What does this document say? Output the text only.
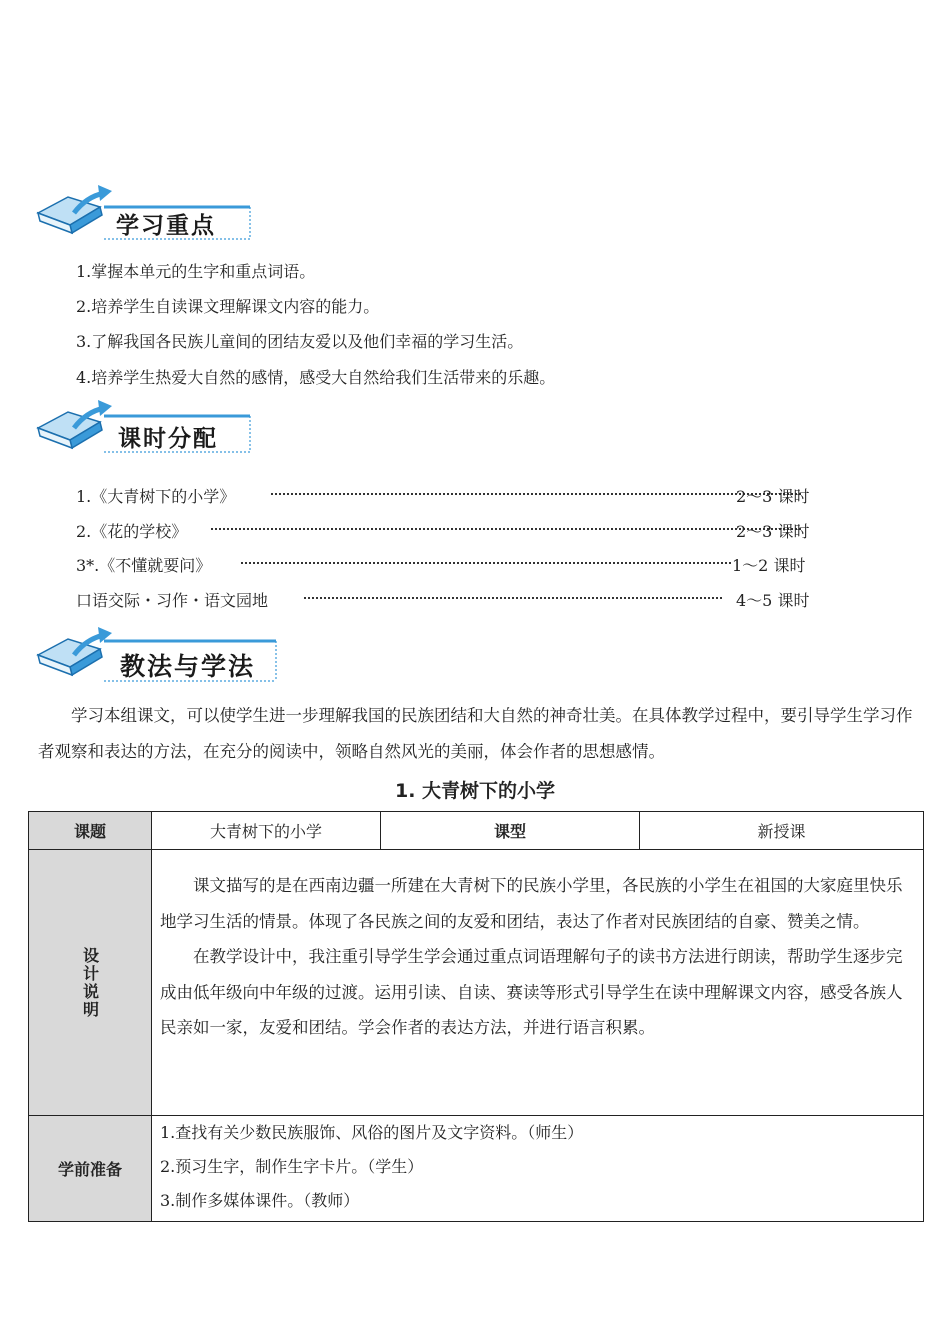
学习重点
1.掌握本单元的生字和重点词语。
2.培养学生自读课文理解课文内容的能力。
3.了解我国各民族儿童间的团结友爱以及他们幸福的学习生活。
4.培养学生热爱大自然的感情，感受大自然给我们生活带来的乐趣。
课时分配
1.《大青树下的小学》	2～3 课时
2.《花的学校》	2～3 课时
3*.《不懂就要问》	1～2 课时
口语交际・习作・语文园地	4～5 课时
教法与学法
学习本组课文，可以使学生进一步理解我国的民族团结和大自然的神奇壮美。在具体教学过程中，要引导学生学习作者观察和表达的方法，在充分的阅读中，领略自然风光的美丽，体会作者的思想感情。
1. 大青树下的小学
课题	大青树下的小学	课型	新授课

设计说明	课文描写的是在西南边疆一所建在大青树下的民族小学里，各民族的小学生在祖国的大家庭里快乐地学习生活的情景。体现了各民族之间的友爱和团结，表达了作者对民族团结的自豪、赞美之情。

在教学设计中，我注重引导学生学会通过重点词语理解句子的读书方法进行朗读，帮助学生逐步完成由低年级向中年级的过渡。运用引读、自读、赛读等形式引导学生在读中理解课文内容，感受各族人民亲如一家，友爱和团结。学会作者的表达方法，并进行语言积累。		

学前准备	1.查找有关少数民族服饰、风俗的图片及文字资料。（师生）
2.预习生字，制作生字卡片。（学生）
3.制作多媒体课件。（教师）		
